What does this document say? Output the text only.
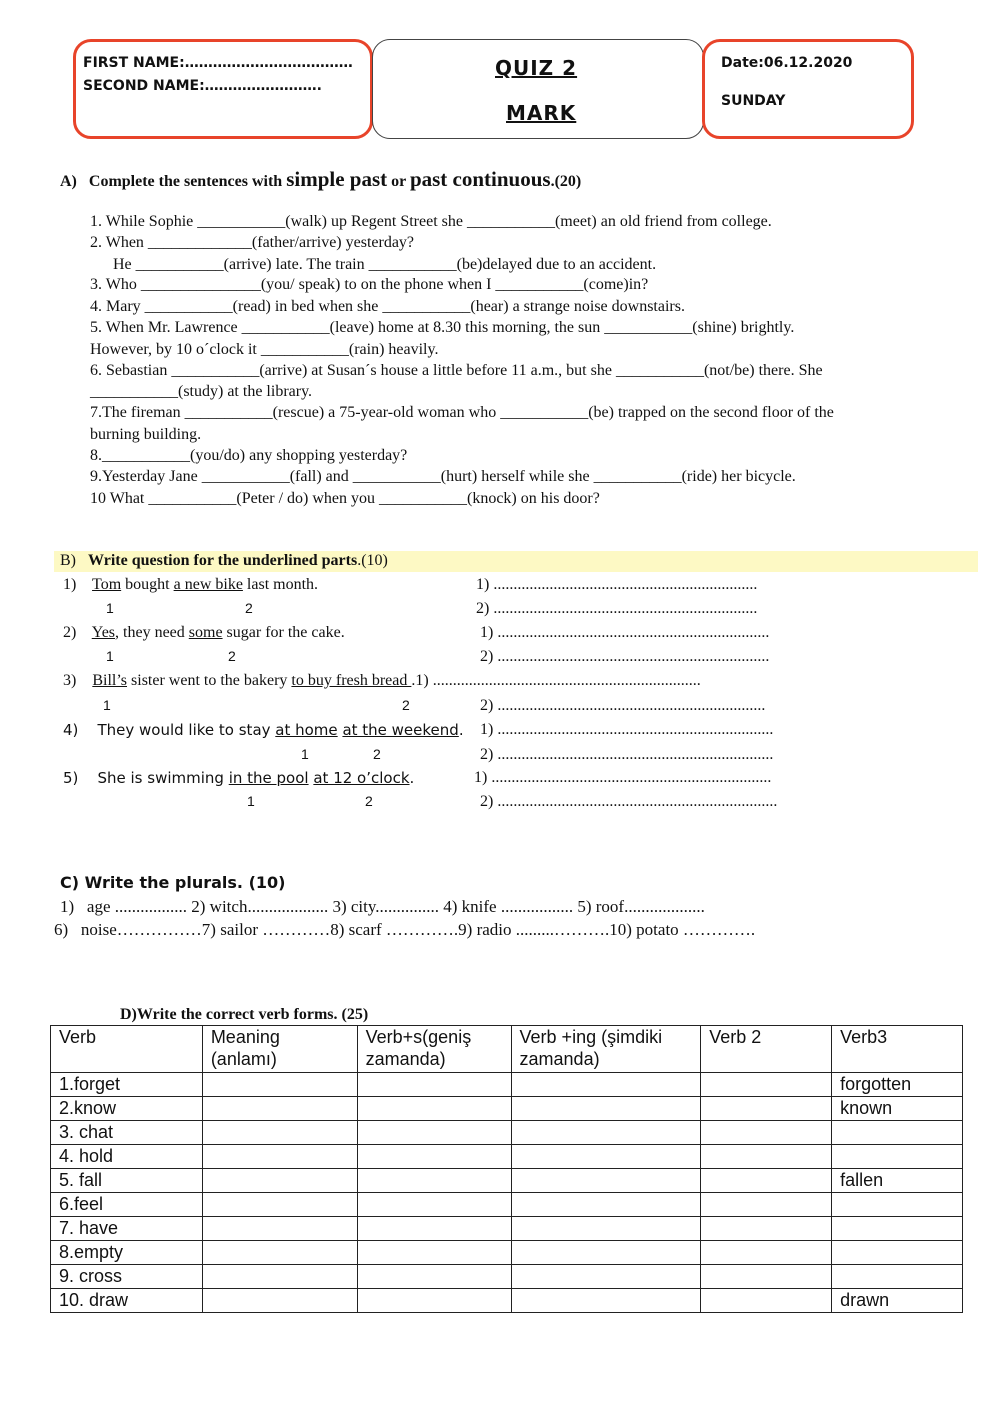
FIRST NAME:………………………………
SECOND NAME:…………………….
QUIZ 2
MARK
Date:06.12.2020
SUNDAY
A) Complete the sentences with simple past or past continuous.(20)
1. While Sophie ___________(walk) up Regent Street she ___________(meet) an old friend from college.
2. When _____________(father/arrive) yesterday?
He ___________(arrive) late. The train ___________(be)delayed due to an accident.
3. Who _______________(you/ speak) to on the phone when I ___________(come)in?
4. Mary ___________(read) in bed when she ___________(hear) a strange noise downstairs.
5. When Mr. Lawrence ___________(leave) home at 8.30 this morning, the sun ___________(shine) brightly.
However, by 10 o´clock it ___________(rain) heavily.
6. Sebastian ___________(arrive) at Susan´s house a little before 11 a.m., but she ___________(not/be) there. She
___________(study) at the library.
7.The fireman ___________(rescue) a 75-year-old woman who ___________(be) trapped on the second floor of the
burning building.
8.___________(you/do) any shopping yesterday?
9.Yesterday Jane ___________(fall) and ___________(hurt) herself while she ___________(ride) her bicycle.
10 What ___________(Peter / do) when you ___________(knock) on his door?
B) Write question for the underlined parts.(10)
1) Tom bought a new bike last month.	1) ..................................................................
1	2	2) ..................................................................
2) Yes, they need some sugar for the cake.	1) ....................................................................
1	2	2) ....................................................................
3) Bill’s sister went to the bakery to buy fresh bread .1) ...................................................................
1	2	2) ...................................................................
4) They would like to stay at home at the weekend. 1) .....................................................................
1	2	2) .....................................................................
5) She is swimming in the pool at 12 o’clock.	1) ......................................................................
1	2	2) ......................................................................
C) Write the plurals. (10)
1) age ................. 2) witch................... 3) city............... 4) knife ................. 5) roof...................
6) noise……………7) sailor …………8) scarf ………….9) radio .........……….10) potato ………….
D)Write the correct verb forms. (25)
Verb	Meaning (anlamı)	Verb+s(geniş zamanda)	Verb +ing (şimdiki zamanda)	Verb 2	Verb3
1.forget					forgotten
2.know					known
3. chat					
4. hold					
5. fall					fallen
6.feel					
7. have					
8.empty					
9. cross					
10. draw					drawn
